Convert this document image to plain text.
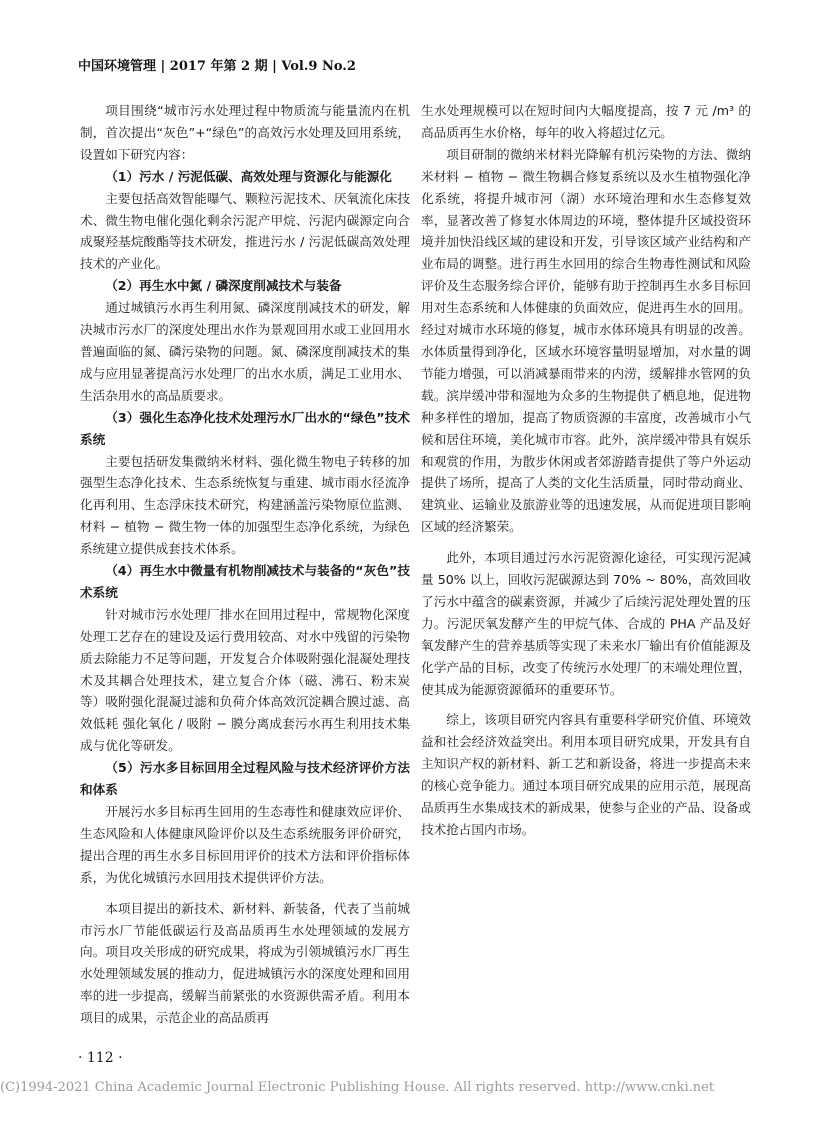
中国环境管理 | 2017 年第 2 期 | Vol.9 No.2

项目围绕“城市污水处理过程中物质流与能量流内在机制，首次提出“灰色”+“绿色”的高效污水处理及回用系统，设置如下研究内容：

（1）污水 / 污泥低碳、高效处理与资源化与能源化

主要包括高效智能曝气、颗粒污泥技术、厌氧流化床技术、微生物电催化强化剩余污泥产甲烷、污泥内碳源定向合成聚羟基烷酸酯等技术研发，推进污水 / 污泥低碳高效处理技术的产业化。

（2）再生水中氮 / 磷深度削减技术与装备

通过城镇污水再生利用氮、磷深度削减技术的研发，解决城市污水厂的深度处理出水作为景观回用水或工业回用水普遍面临的氮、磷污染物的问题。氮、磷深度削减技术的集成与应用显著提高污水处理厂的出水水质，满足工业用水、生活杂用水的高品质要求。

（3）强化生态净化技术处理污水厂出水的“绿色”技术系统

主要包括研发集微纳米材料、强化微生物电子转移的加强型生态净化技术、生态系统恢复与重建、城市雨水径流净化再利用、生态浮床技术研究，构建涵盖污染物原位监测、材料 − 植物 − 微生物一体的加强型生态净化系统，为绿色系统建立提供成套技术体系。

（4）再生水中微量有机物削减技术与装备的“灰色”技术系统

针对城市污水处理厂排水在回用过程中，常规物化深度处理工艺存在的建设及运行费用较高、对水中残留的污染物质去除能力不足等问题，开发复合介体吸附强化混凝处理技术及其耦合处理技术，建立复合介体（磁、沸石、粉末炭等）吸附强化混凝过滤和负荷介体高效沉淀耦合膜过滤、高效低耗 强化氧化 / 吸附 − 膜分离成套污水再生利用技术集成与优化等研发。

（5）污水多目标回用全过程风险与技术经济评价方法和体系

开展污水多目标再生回用的生态毒性和健康效应评价、生态风险和人体健康风险评价以及生态系统服务评价研究，提出合理的再生水多目标回用评价的技术方法和评价指标体系，为优化城镇污水回用技术提供评价方法。

本项目提出的新技术、新材料、新装备，代表了当前城市污水厂节能低碳运行及高品质再生水处理领域的发展方向。项目攻关形成的研究成果，将成为引领城镇污水厂再生水处理领域发展的推动力，促进城镇污水的深度处理和回用率的进一步提高，缓解当前紧张的水资源供需矛盾。利用本项目的成果，示范企业的高品质再

生水处理规模可以在短时间内大幅度提高，按 7 元 /m³ 的高品质再生水价格，每年的收入将超过亿元。

项目研制的微纳米材料光降解有机污染物的方法、微纳米材料 − 植物 − 微生物耦合修复系统以及水生植物强化净化系统，将提升城市河（湖）水环境治理和水生态修复效率，显著改善了修复水体周边的环境，整体提升区域投资环境并加快沿线区域的建设和开发，引导该区域产业结构和产业布局的调整。进行再生水回用的综合生物毒性测试和风险评价及生态服务综合评价，能够有助于控制再生水多目标回用对生态系统和人体健康的负面效应，促进再生水的回用。经过对城市水环境的修复，城市水体环境具有明显的改善。水体质量得到净化，区域水环境容量明显增加，对水量的调节能力增强，可以消减暴雨带来的内涝，缓解排水管网的负载。滨岸缓冲带和湿地为众多的生物提供了栖息地，促进物种多样性的增加，提高了物质资源的丰富度，改善城市小气候和居住环境，美化城市市容。此外，滨岸缓冲带具有娱乐和观赏的作用，为散步休闲或者郊游踏青提供了等户外运动提供了场所，提高了人类的文化生活质量，同时带动商业、建筑业、运输业及旅游业等的迅速发展，从而促进项目影响区域的经济繁荣。

此外，本项目通过污水污泥资源化途径，可实现污泥减量 50% 以上，回收污泥碳源达到 70% ~ 80%，高效回收了污水中蕴含的碳素资源，并减少了后续污泥处理处置的压力。污泥厌氧发酵产生的甲烷气体、合成的 PHA 产品及好氧发酵产生的营养基质等实现了未来水厂输出有价值能源及化学产品的目标，改变了传统污水处理厂的末端处理位置，使其成为能源资源循环的重要环节。

综上，该项目研究内容具有重要科学研究价值、环境效益和社会经济效益突出。利用本项目研究成果，开发具有自主知识产权的新材料、新工艺和新设备，将进一步提高未来的核心竞争能力。通过本项目研究成果的应用示范，展现高品质再生水集成技术的新成果，使参与企业的产品、设备或技术抢占国内市场。

· 112 ·
(C)1994-2021 China Academic Journal Electronic Publishing House. All rights reserved. http://www.cnki.net
